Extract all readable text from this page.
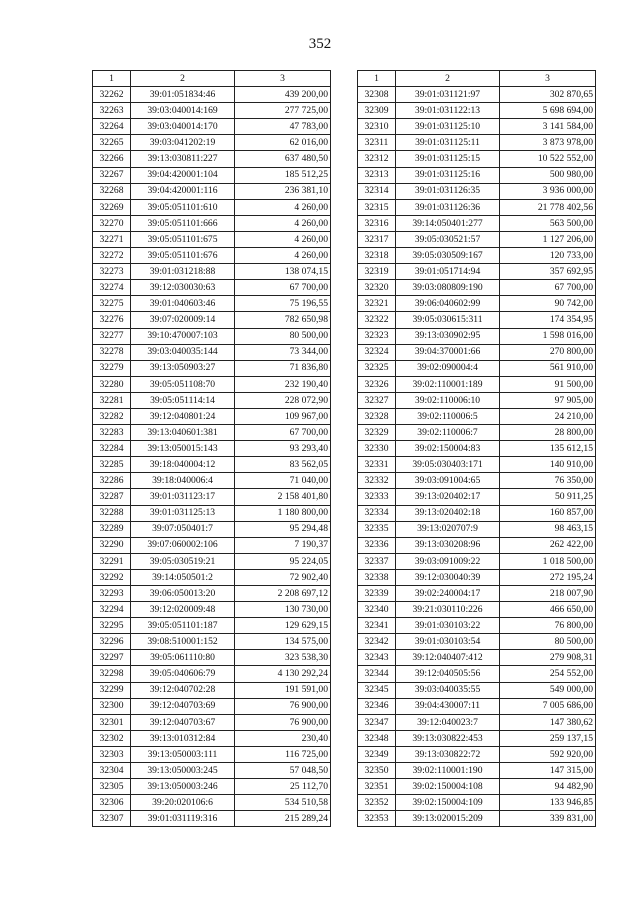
352
1	2	3
32262	39:01:051834:46	439 200,00
32263	39:03:040014:169	277 725,00
32264	39:03:040014:170	47 783,00
32265	39:03:041202:19	62 016,00
32266	39:13:030811:227	637 480,50
32267	39:04:420001:104	185 512,25
32268	39:04:420001:116	236 381,10
32269	39:05:051101:610	4 260,00
32270	39:05:051101:666	4 260,00
32271	39:05:051101:675	4 260,00
32272	39:05:051101:676	4 260,00
32273	39:01:031218:88	138 074,15
32274	39:12:030030:63	67 700,00
32275	39:01:040603:46	75 196,55
32276	39:07:020009:14	782 650,98
32277	39:10:470007:103	80 500,00
32278	39:03:040035:144	73 344,00
32279	39:13:050903:27	71 836,80
32280	39:05:051108:70	232 190,40
32281	39:05:051114:14	228 072,90
32282	39:12:040801:24	109 967,00
32283	39:13:040601:381	67 700,00
32284	39:13:050015:143	93 293,40
32285	39:18:040004:12	83 562,05
32286	39:18:040006:4	71 040,00
32287	39:01:031123:17	2 158 401,80
32288	39:01:031125:13	1 180 800,00
32289	39:07:050401:7	95 294,48
32290	39:07:060002:106	7 190,37
32291	39:05:030519:21	95 224,05
32292	39:14:050501:2	72 902,40
32293	39:06:050013:20	2 208 697,12
32294	39:12:020009:48	130 730,00
32295	39:05:051101:187	129 629,15
32296	39:08:510001:152	134 575,00
32297	39:05:061110:80	323 538,30
32298	39:05:040606:79	4 130 292,24
32299	39:12:040702:28	191 591,00
32300	39:12:040703:69	76 900,00
32301	39:12:040703:67	76 900,00
32302	39:13:010312:84	230,40
32303	39:13:050003:111	116 725,00
32304	39:13:050003:245	57 048,50
32305	39:13:050003:246	25 112,70
32306	39:20:020106:6	534 510,58
32307	39:01:031119:316	215 289,24
1	2	3
32308	39:01:031121:97	302 870,65
32309	39:01:031122:13	5 698 694,00
32310	39:01:031125:10	3 141 584,00
32311	39:01:031125:11	3 873 978,00
32312	39:01:031125:15	10 522 552,00
32313	39:01:031125:16	500 980,00
32314	39:01:031126:35	3 936 000,00
32315	39:01:031126:36	21 778 402,56
32316	39:14:050401:277	563 500,00
32317	39:05:030521:57	1 127 206,00
32318	39:05:030509:167	120 733,00
32319	39:01:051714:94	357 692,95
32320	39:03:080809:190	67 700,00
32321	39:06:040602:99	90 742,00
32322	39:05:030615:311	174 354,95
32323	39:13:030902:95	1 598 016,00
32324	39:04:370001:66	270 800,00
32325	39:02:090004:4	561 910,00
32326	39:02:110001:189	91 500,00
32327	39:02:110006:10	97 905,00
32328	39:02:110006:5	24 210,00
32329	39:02:110006:7	28 800,00
32330	39:02:150004:83	135 612,15
32331	39:05:030403:171	140 910,00
32332	39:03:091004:65	76 350,00
32333	39:13:020402:17	50 911,25
32334	39:13:020402:18	160 857,00
32335	39:13:020707:9	98 463,15
32336	39:13:030208:96	262 422,00
32337	39:03:091009:22	1 018 500,00
32338	39:12:030040:39	272 195,24
32339	39:02:240004:17	218 007,90
32340	39:21:030110:226	466 650,00
32341	39:01:030103:22	76 800,00
32342	39:01:030103:54	80 500,00
32343	39:12:040407:412	279 908,31
32344	39:12:040505:56	254 552,00
32345	39:03:040035:55	549 000,00
32346	39:04:430007:11	7 005 686,00
32347	39:12:040023:7	147 380,62
32348	39:13:030822:453	259 137,15
32349	39:13:030822:72	592 920,00
32350	39:02:110001:190	147 315,00
32351	39:02:150004:108	94 482,90
32352	39:02:150004:109	133 946,85
32353	39:13:020015:209	339 831,00
